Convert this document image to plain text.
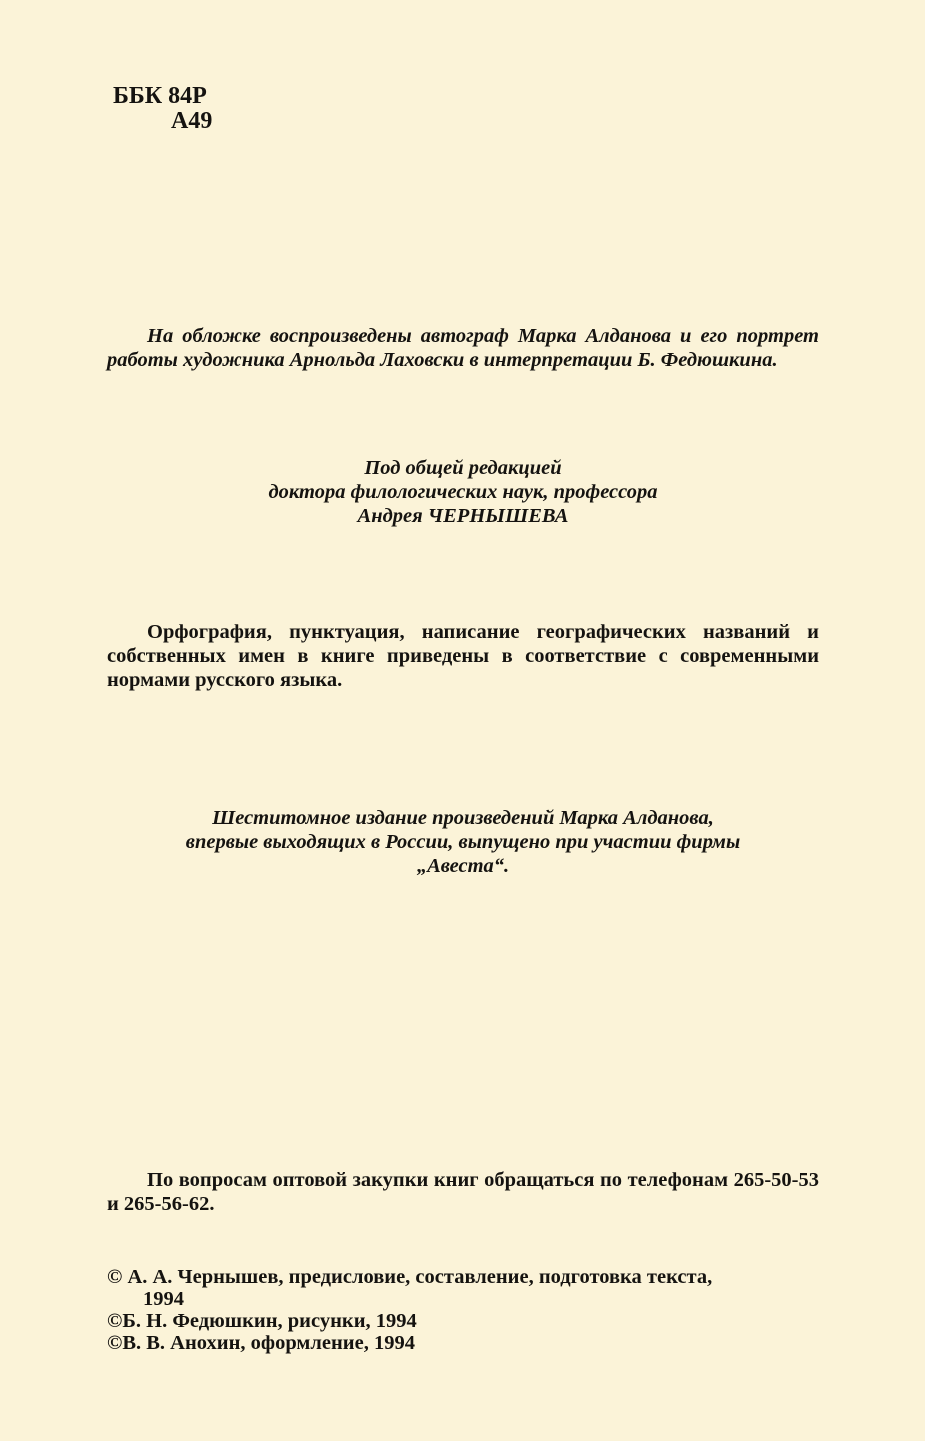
ББК 84Р
А49

На обложке воспроизведены автограф Марка Алданова и его портрет работы художника Арнольда Лаховски в интерпретации Б. Федюшкина.

Под общей редакцией
доктора филологических наук, профессора
Андрея ЧЕРНЫШЕВА

Орфография, пунктуация, написание географических названий и собственных имен в книге приведены в соответствие с современными нормами русского языка.

Шеститомное издание произведений Марка Алданова,
впервые выходящих в России, выпущено при участии фирмы
„Авеста“.

По вопросам оптовой закупки книг обращаться по телефонам 265-50-53 и 265-56-62.

© А. А. Чернышев, предисловие, составление, подготовка текста,
1994
©Б. Н. Федюшкин, рисунки, 1994
©В. В. Анохин, оформление, 1994
